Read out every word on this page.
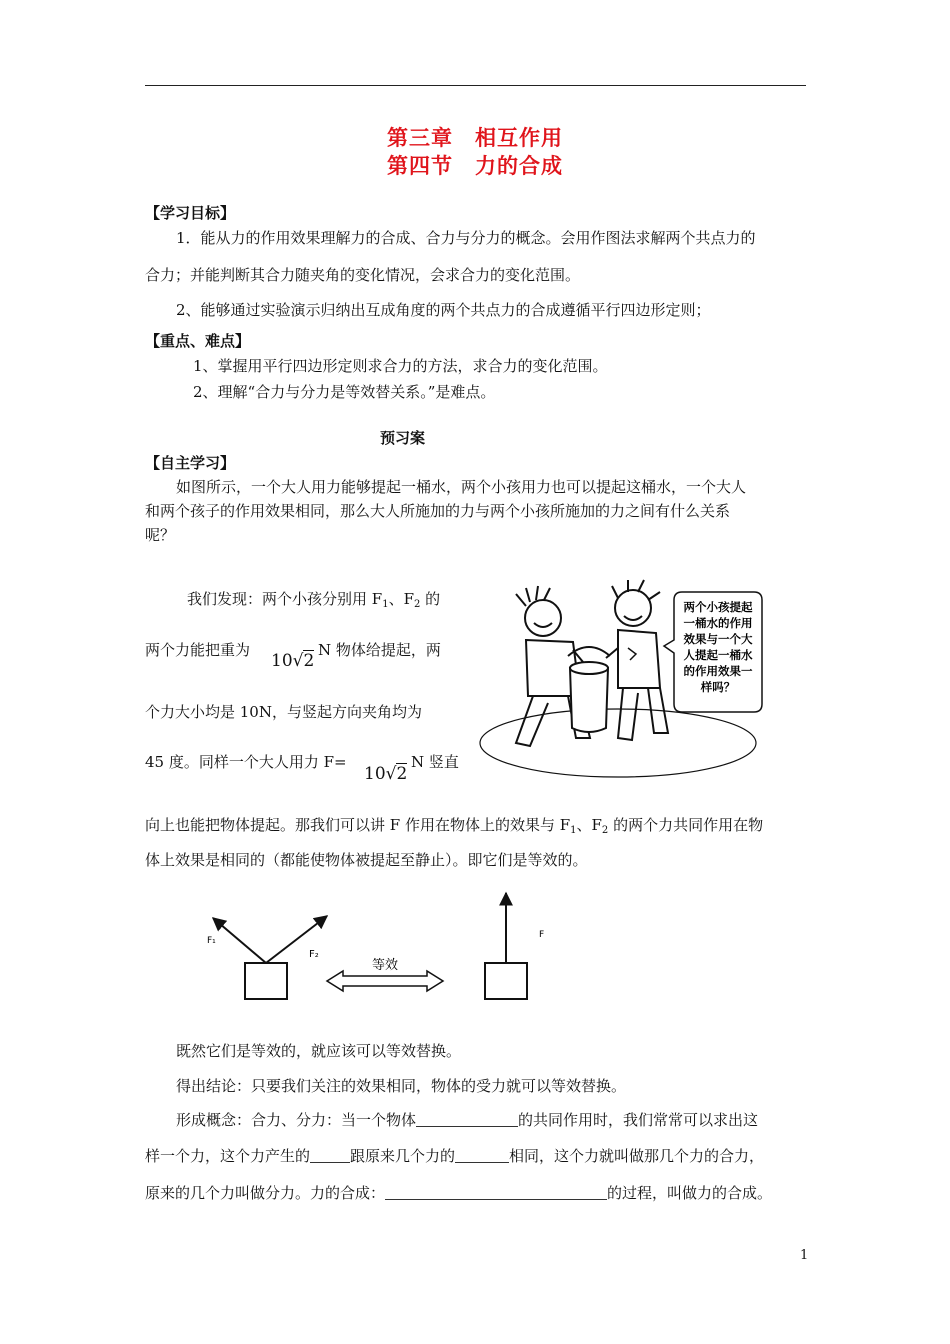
第三章　相互作用
第四节　力的合成
【学习目标】
1．能从力的作用效果理解力的合成、合力与分力的概念。会用作图法求解两个共点力的
合力；并能判断其合力随夹角的变化情况，会求合力的变化范围。
2、能够通过实验演示归纳出互成角度的两个共点力的合成遵循平行四边形定则；
【重点、难点】
1、掌握用平行四边形定则求合力的方法，求合力的变化范围。
2、理解“合力与分力是等效替关系。”是难点。
预习案
【自主学习】
如图所示，一个大人用力能够提起一桶水，两个小孩用力也可以提起这桶水，一个大人
和两个孩子的作用效果相同，那么大人所施加的力与两个小孩所施加的力之间有什么关系
呢？
我们发现：两个小孩分别用 $F_1$、$F_2$ 的
两个力能把重为
10√2
N 物体给提起，两
个力大小均是 10N，与竖起方向夹角均为
45 度。同样一个大人用力 F=
10√2
N 竖直
两个小孩提起
一桶水的作用
效果与一个大
人提起一桶水
的作用效果一
样吗？
向上也能把物体提起。那我们可以讲 F 作用在物体上的效果与 $F_1$、$F_2$ 的两个力共同作用在物
体上效果是相同的（都能使物体被提起至静止）。即它们是等效的。
F₁
F₂
等效
F
既然它们是等效的，就应该可以等效替换。
得出结论：只要我们关注的效果相同，物体的受力就可以等效替换。
形成概念：合力、分力：当一个物体	的共同作用时，我们常常可以求出这
样一个力，这个力产生的	跟原来几个力的	相同，这个力就叫做那几个力的合力，
原来的几个力叫做分力。力的合成：	的过程，叫做力的合成。
1
